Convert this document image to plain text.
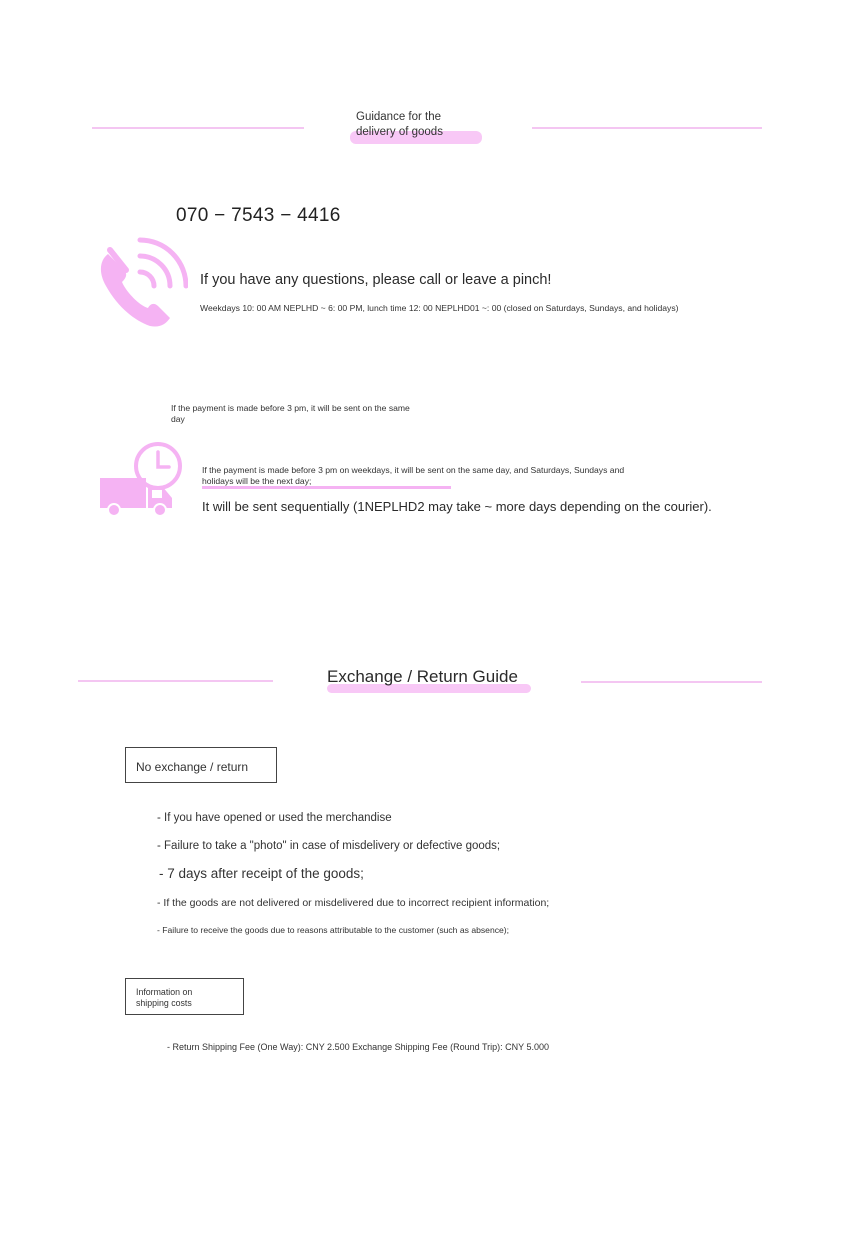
Guidance for the
delivery of goods
070 − 7543 − 4416
If you have any questions, please call or leave a pinch!
Weekdays 10: 00 AM NEPLHD ~ 6: 00 PM, lunch time 12: 00 NEPLHD01 ~: 00 (closed on Saturdays, Sundays, and holidays)
If the payment is made before 3 pm, it will be sent on the same
day
If the payment is made before 3 pm on weekdays, it will be sent on the same day, and Saturdays, Sundays and
holidays will be the next day;
It will be sent sequentially (1NEPLHD2 may take ~ more days depending on the courier).
Exchange / Return Guide
No exchange / return
- If you have opened or used the merchandise
- Failure to take a "photo" in case of misdelivery or defective goods;
- 7 days after receipt of the goods;
- If the goods are not delivered or misdelivered due to incorrect recipient information;
- Failure to receive the goods due to reasons attributable to the customer (such as absence);
Information on
shipping costs
- Return Shipping Fee (One Way): CNY 2.500 Exchange Shipping Fee (Round Trip): CNY 5.000
